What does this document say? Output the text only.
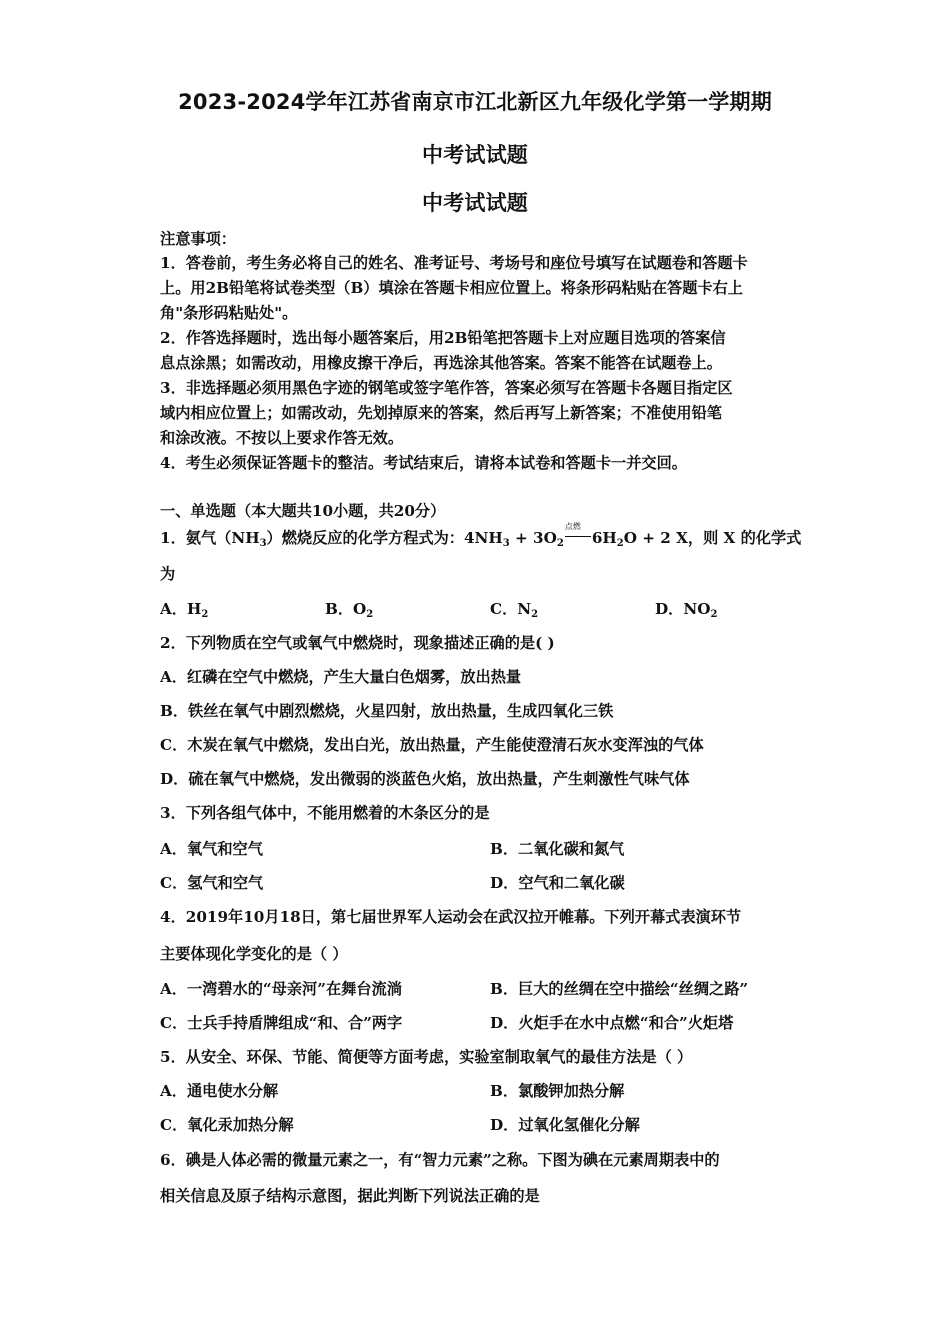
2023-2024学年江苏省南京市江北新区九年级化学第一学期期
中考试试题
中考试试题
注意事项：
1．答卷前，考生务必将自己的姓名、准考证号、考场号和座位号填写在试题卷和答题卡
上。用2B铅笔将试卷类型（B）填涂在答题卡相应位置上。将条形码粘贴在答题卡右上
角"条形码粘贴处"。
2．作答选择题时，选出每小题答案后，用2B铅笔把答题卡上对应题目选项的答案信
息点涂黑；如需改动，用橡皮擦干净后，再选涂其他答案。答案不能答在试题卷上。
3．非选择题必须用黑色字迹的钢笔或签字笔作答，答案必须写在答题卡各题目指定区
域内相应位置上；如需改动，先划掉原来的答案，然后再写上新答案；不准使用铅笔
和涂改液。不按以上要求作答无效。
4．考生必须保证答题卡的整洁。考试结束后，请将本试卷和答题卡一并交回。
一、单选题（本大题共10小题，共20分）
1．氨气$(NH_3)$燃烧反应的化学方程式为：$4NH_3 + 3O_2$
点燃
$6H_2O + 2$ X，则 X 的化学式
为
A．$H_2$	B．$O_2$	C．$N_2$	D．$NO_2$
2．下列物质在空气或氧气中燃烧时，现象描述正确的是( )
A．红磷在空气中燃烧，产生大量白色烟雾，放出热量
B．铁丝在氧气中剧烈燃烧，火星四射，放出热量，生成四氧化三铁
C．木炭在氧气中燃烧，发出白光，放出热量，产生能使澄清石灰水变浑浊的气体
D．硫在氧气中燃烧，发出微弱的淡蓝色火焰，放出热量，产生刺激性气味气体
3．下列各组气体中，不能用燃着的木条区分的是
A．氧气和空气	B．二氧化碳和氮气
C．氢气和空气	D．空气和二氧化碳
4．2019年10月18日，第七届世界军人运动会在武汉拉开帷幕。下列开幕式表演环节
主要体现化学变化的是（ ）
A．一湾碧水的“母亲河”在舞台流淌	B．巨大的丝绸在空中描绘“丝绸之路”
C．士兵手持盾牌组成“和、合”两字	D．火炬手在水中点燃“和合”火炬塔
5．从安全、环保、节能、简便等方面考虑，实验室制取氧气的最佳方法是（ ）
A．通电使水分解	B．氯酸钾加热分解
C．氧化汞加热分解	D．过氧化氢催化分解
6．碘是人体必需的微量元素之一，有“智力元素”之称。下图为碘在元素周期表中的
相关信息及原子结构示意图，据此判断下列说法正确的是
